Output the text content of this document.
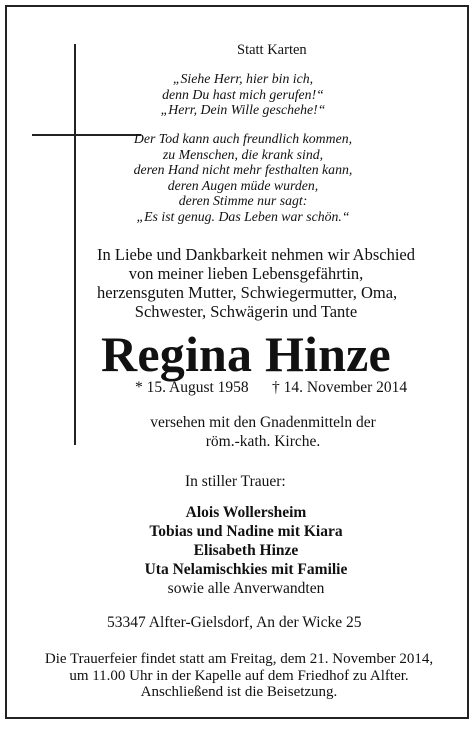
Statt Karten
„Siehe Herr, hier bin ich,
denn Du hast mich gerufen!“
„Herr, Dein Wille geschehe!“
Der Tod kann auch freundlich kommen,
zu Menschen, die krank sind,
deren Hand nicht mehr festhalten kann,
deren Augen müde wurden,
deren Stimme nur sagt:
„Es ist genug. Das Leben war schön.“
In Liebe und Dankbarkeit nehmen wir Abschied
von meiner lieben Lebensgefährtin,
herzensguten Mutter, Schwiegermutter, Oma,
Schwester, Schwägerin und Tante
Regina Hinze
* 15. August 1958 † 14. November 2014
versehen mit den Gnadenmitteln der
röm.-kath. Kirche.
In stiller Trauer:
Alois Wollersheim
Tobias und Nadine mit Kiara
Elisabeth Hinze
Uta Nelamischkies mit Familie
sowie alle Anverwandten
53347 Alfter-Gielsdorf, An der Wicke 25
Die Trauerfeier findet statt am Freitag, dem 21. November 2014,
um 11.00 Uhr in der Kapelle auf dem Friedhof zu Alfter.
Anschließend ist die Beisetzung.
